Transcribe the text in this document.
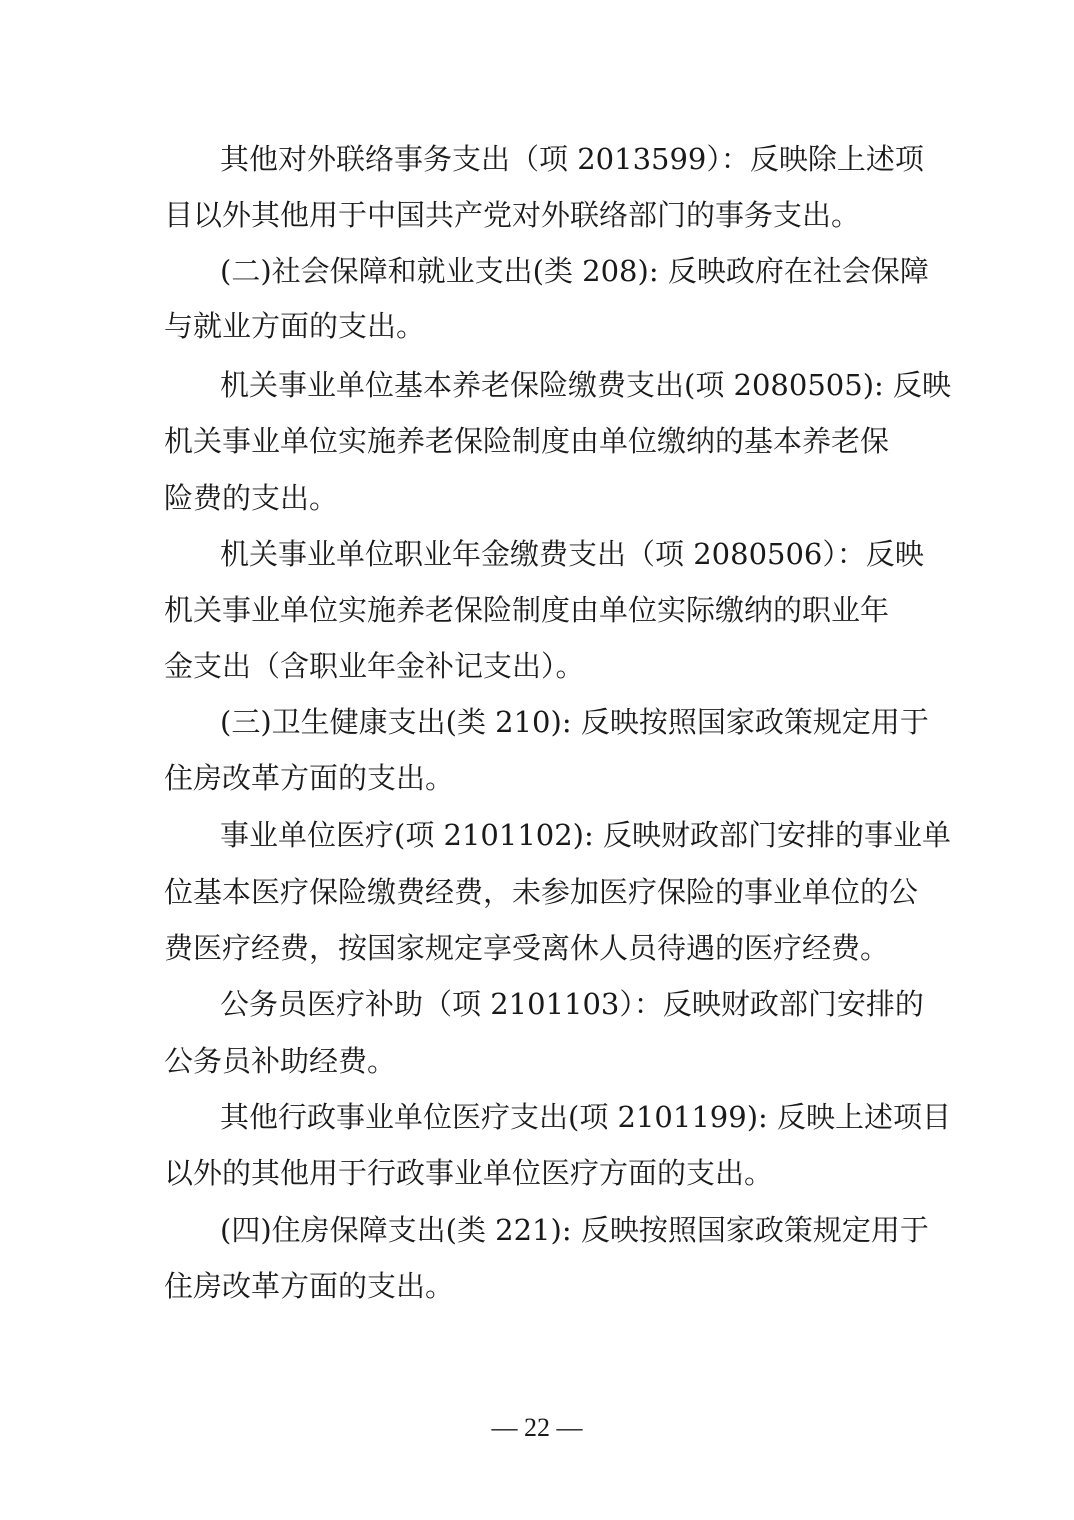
其他对外联络事务支出（项 2013599）：反映除上述项
目以外其他用于中国共产党对外联络部门的事务支出。
(二)社会保障和就业支出(类 208): 反映政府在社会保障
与就业方面的支出。
机关事业单位基本养老保险缴费支出(项 2080505): 反映
机关事业单位实施养老保险制度由单位缴纳的基本养老保
险费的支出。
机关事业单位职业年金缴费支出（项 2080506）：反映
机关事业单位实施养老保险制度由单位实际缴纳的职业年
金支出（含职业年金补记支出）。
(三)卫生健康支出(类 210): 反映按照国家政策规定用于
住房改革方面的支出。
事业单位医疗(项 2101102): 反映财政部门安排的事业单
位基本医疗保险缴费经费，未参加医疗保险的事业单位的公
费医疗经费，按国家规定享受离休人员待遇的医疗经费。
公务员医疗补助（项 2101103）：反映财政部门安排的
公务员补助经费。
其他行政事业单位医疗支出(项 2101199): 反映上述项目
以外的其他用于行政事业单位医疗方面的支出。
(四)住房保障支出(类 221): 反映按照国家政策规定用于
住房改革方面的支出。
— 22 —
